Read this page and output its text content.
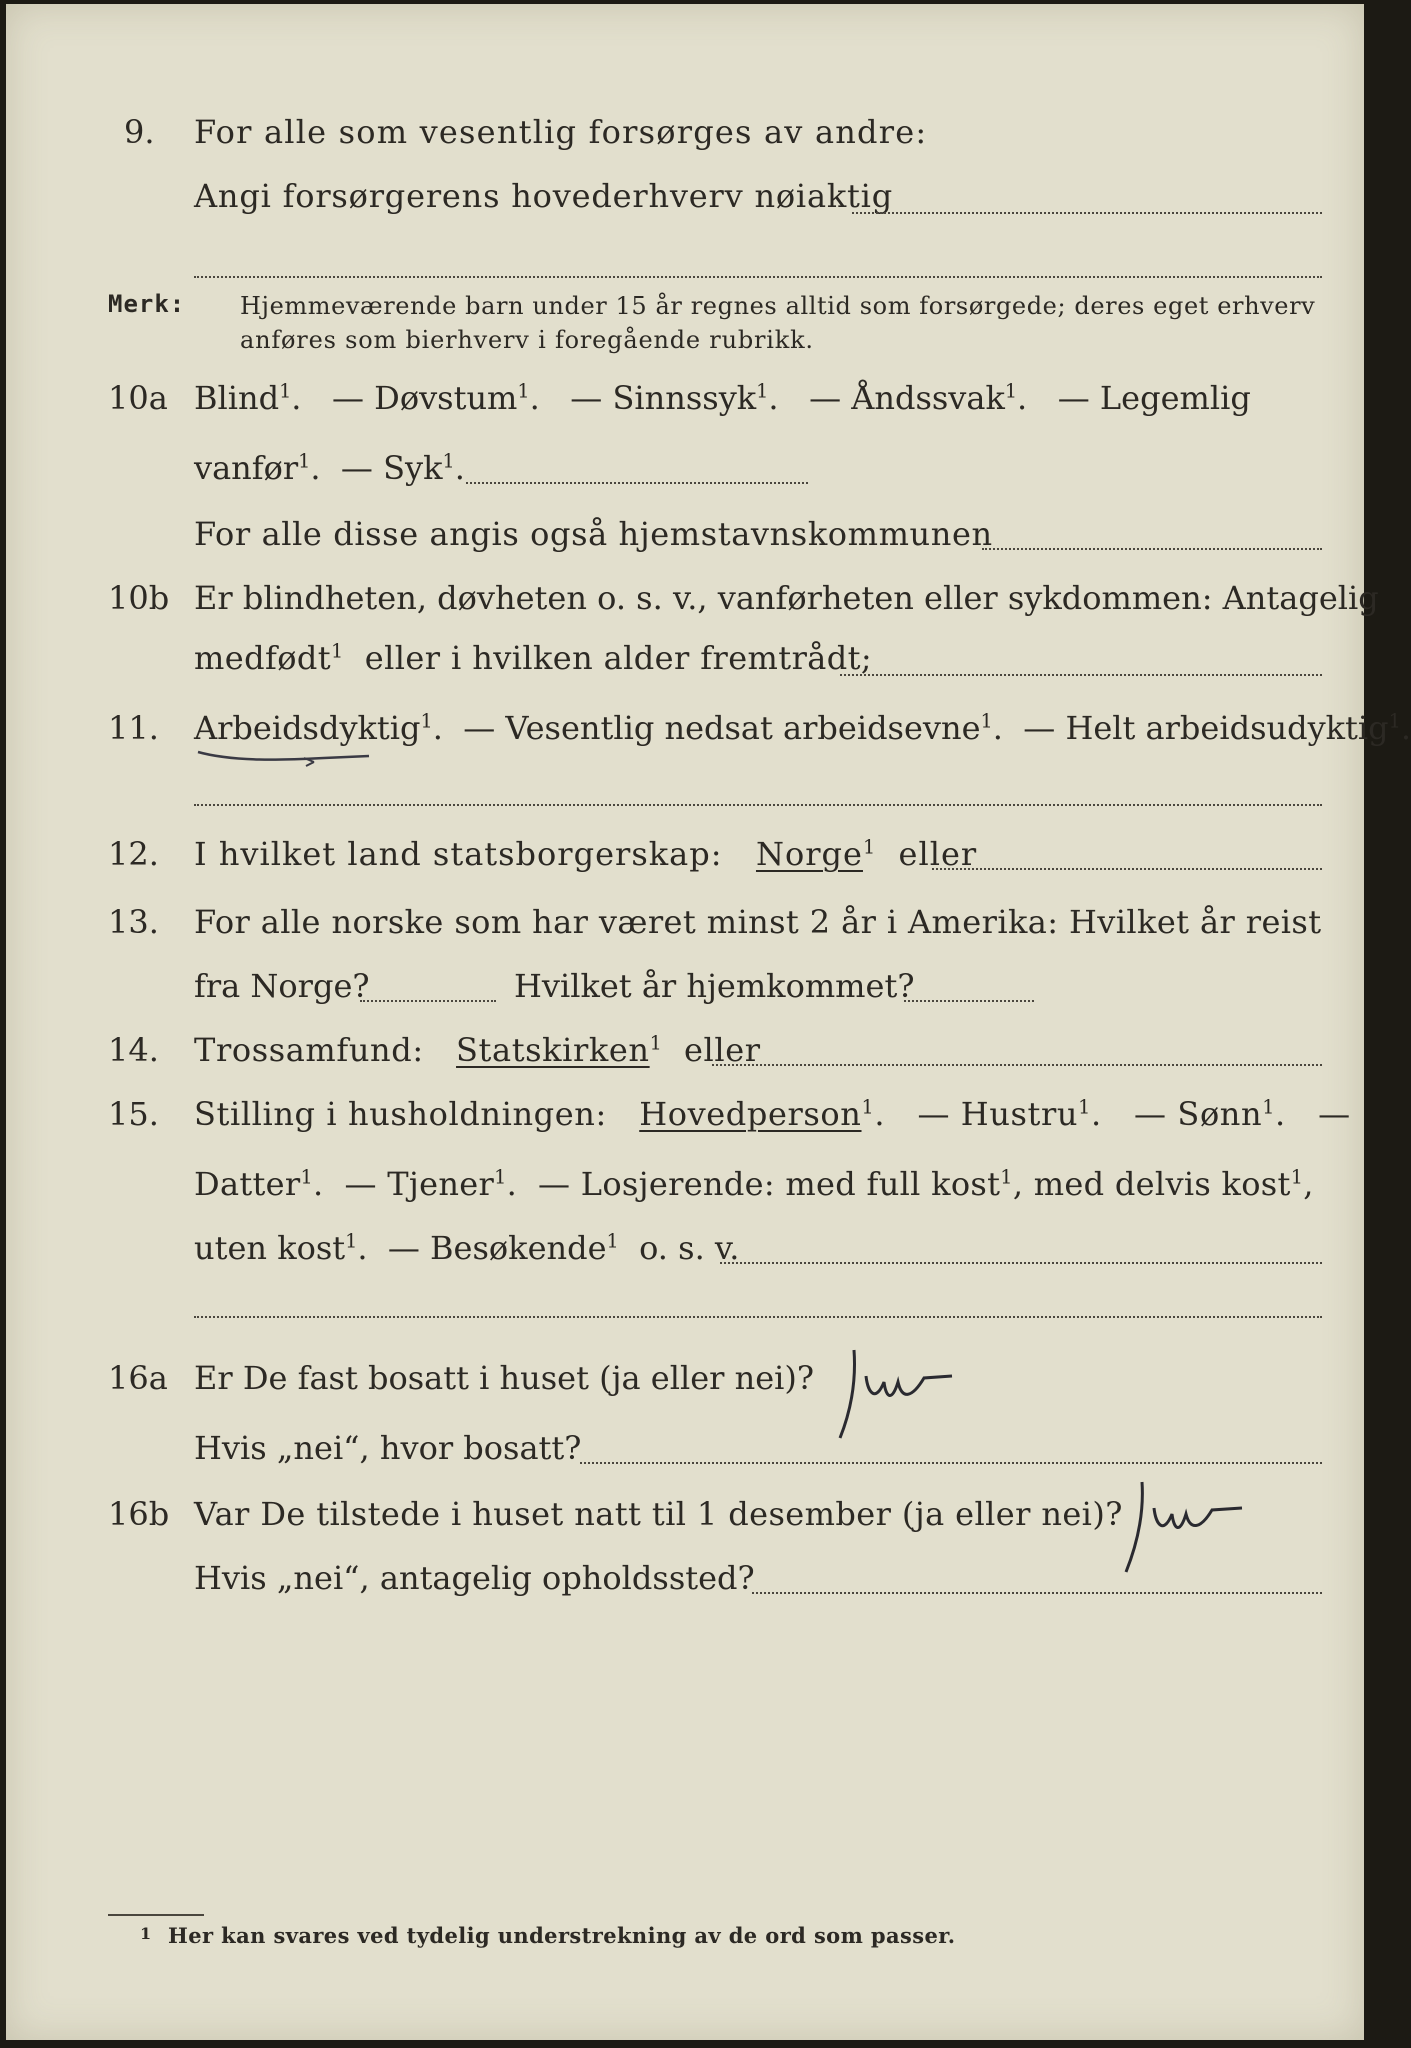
9. For alle som vesentlig forsørges av andre:
Angi forsørgerens hovederhverv nøiaktig
Merk: Hjemmeværende barn under 15 år regnes alltid som forsørgede; deres eget erhverv
anføres som bierhverv i foregående rubrikk.
10a Blind$^1$.   — Døvstum$^1$.   — Sinnssyk$^1$.   — Åndssvak$^1$.   — Legemlig
vanfør$^1$.  — Syk$^1$.
For alle disse angis også hjemstavnskommunen
10b Er blindheten, døvheten o. s. v., vanførheten eller sykdommen: Antagelig
medfødt$^1$ eller i hvilken alder fremtrådt;
11. Arbeidsdyktig$^1$.  — Vesentlig nedsat arbeidsevne$^1$.  — Helt arbeidsudyktig$^1$.
12. I hvilket land statsborgerskap: Norge$^1$ eller
13. For alle norske som har været minst 2 år i Amerika: Hvilket år reist
fra Norge?	Hvilket år hjemkommet?
14. Trossamfund: Statskirken$^1$ eller
15. Stilling i husholdningen: Hovedperson$^1$.   — Hustru$^1$.   — Sønn$^1$.   —
Datter$^1$.  — Tjener$^1$.  — Losjerende: med full kost$^1$, med delvis kost$^1$,
uten kost$^1$.  — Besøkende$^1$ o. s. v.
16a Er De fast bosatt i huset (ja eller nei)?
Hvis „nei“, hvor bosatt?
16b Var De tilstede i huset natt til 1 desember (ja eller nei)?
Hvis „nei“, antagelig opholdssted?
1 Her kan svares ved tydelig understrekning av de ord som passer.
